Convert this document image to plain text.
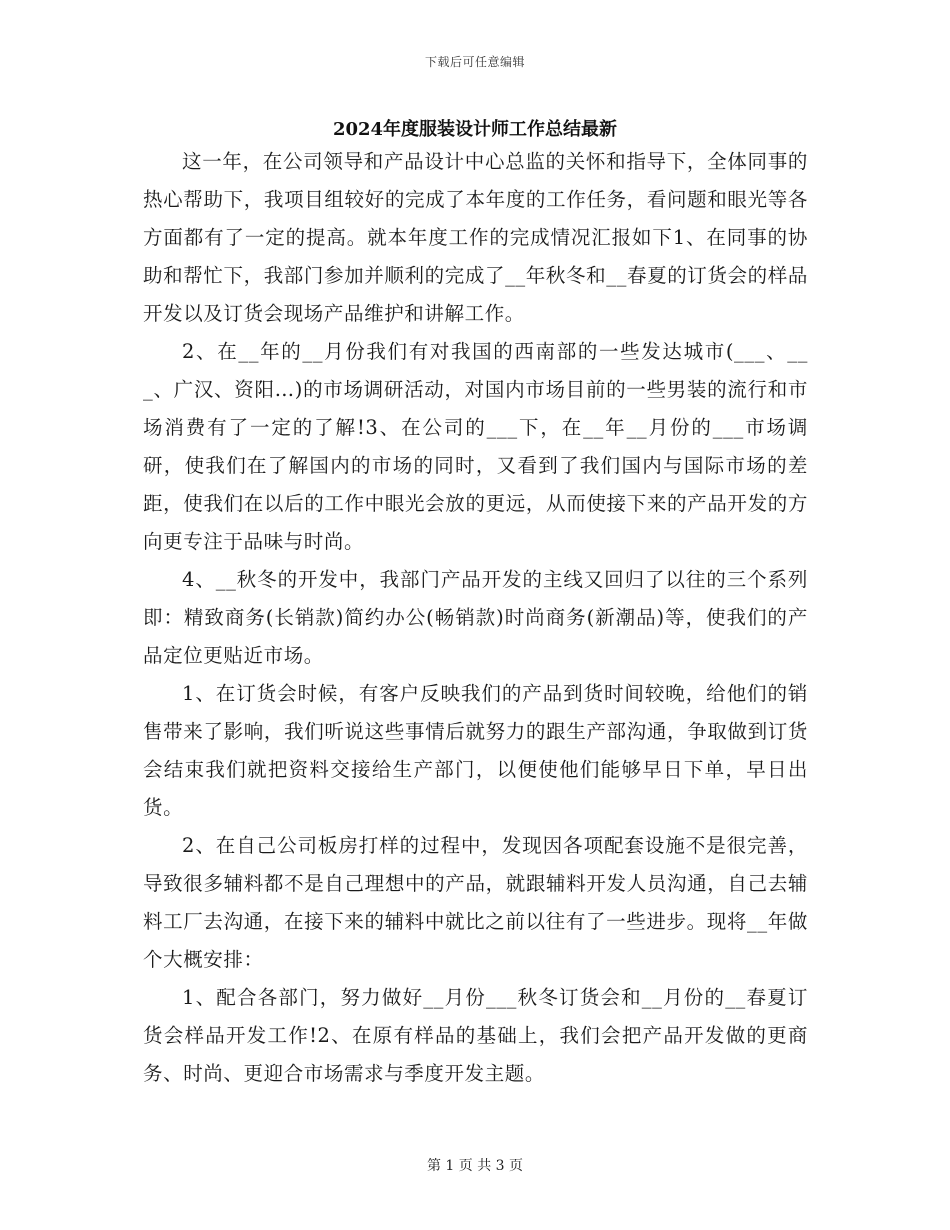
下载后可任意编辑
2024年度服装设计师工作总结最新

这一年，在公司领导和产品设计中心总监的关怀和指导下，全体同事的热心帮助下，我项目组较好的完成了本年度的工作任务，看问题和眼光等各方面都有了一定的提高。就本年度工作的完成情况汇报如下1、在同事的协助和帮忙下，我部门参加并顺利的完成了__年秋冬和__春夏的订货会的样品开发以及订货会现场产品维护和讲解工作。

2、在__年的__月份我们有对我国的西南部的一些发达城市(___、___、广汉、资阳…)的市场调研活动，对国内市场目前的一些男装的流行和市场消费有了一定的了解!3、在公司的___下，在__年__月份的___市场调研，使我们在了解国内的市场的同时，又看到了我们国内与国际市场的差距，使我们在以后的工作中眼光会放的更远，从而使接下来的产品开发的方向更专注于品味与时尚。

4、__秋冬的开发中，我部门产品开发的主线又回归了以往的三个系列即：精致商务(长销款)简约办公(畅销款)时尚商务(新潮品)等，使我们的产品定位更贴近市场。

1、在订货会时候，有客户反映我们的产品到货时间较晚，给他们的销售带来了影响，我们听说这些事情后就努力的跟生产部沟通，争取做到订货会结束我们就把资料交接给生产部门，以便使他们能够早日下单，早日出货。

2、在自己公司板房打样的过程中，发现因各项配套设施不是很完善，导致很多辅料都不是自己理想中的产品，就跟辅料开发人员沟通，自己去辅料工厂去沟通，在接下来的辅料中就比之前以往有了一些进步。现将__年做个大概安排：

1、配合各部门，努力做好__月份___秋冬订货会和__月份的__春夏订货会样品开发工作!2、在原有样品的基础上，我们会把产品开发做的更商务、时尚、更迎合市场需求与季度开发主题。

第 1 页 共 3 页
